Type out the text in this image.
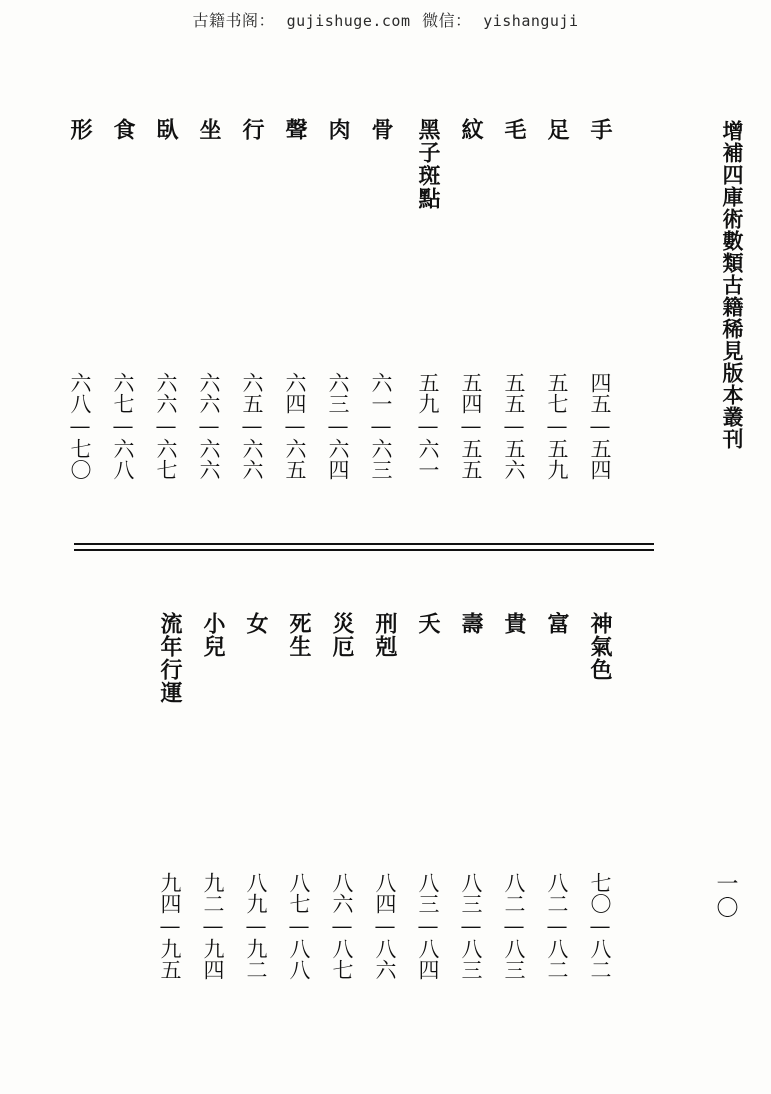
古籍书阁： gujishuge.com 微信： yishanguji
增補四庫術數類古籍稀見版本叢刊
一〇
手
足
毛
紋
黑子斑點
骨
肉
聲
行
坐
臥
食
形
四五—五四
五七—五九
五五—五六
五四—五五
五九—六一
六一—六三
六三—六四
六四—六五
六五—六六
六六—六六
六六—六七
六七—六八
六八—七〇
神氣色
富
貴
壽
夭
刑剋
災厄
死生
女
小兒
流年行運
七〇—八二
八二—八二
八二—八三
八三—八三
八三—八四
八四—八六
八六—八七
八七—八八
八九—九二
九二—九四
九四—九五
